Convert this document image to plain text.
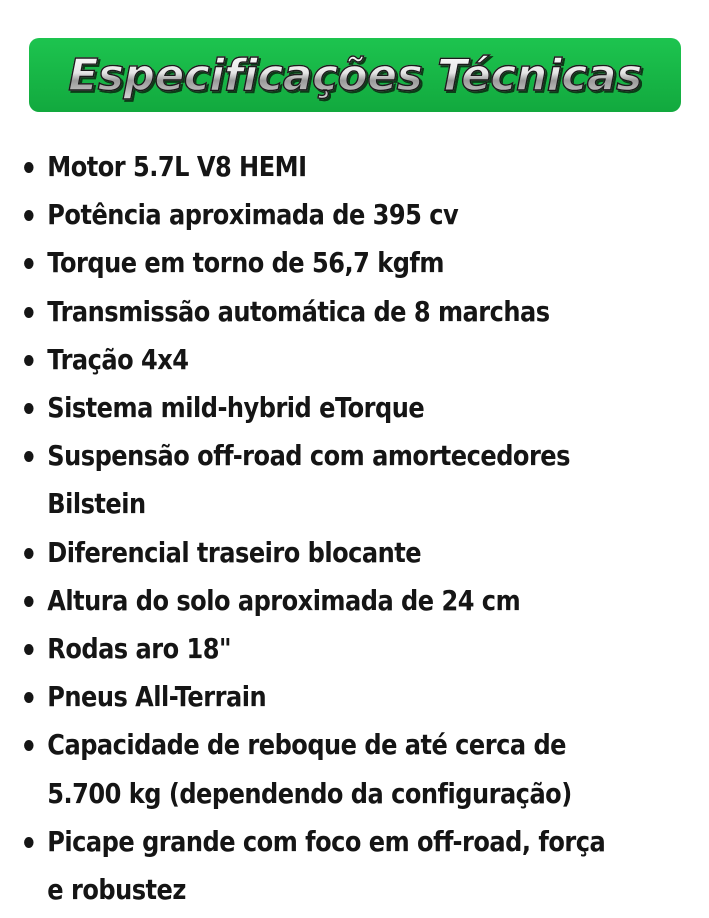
Especificações Técnicas
Motor 5.7L V8 HEMI
Potência aproximada de 395 cv
Torque em torno de 56,7 kgfm
Transmissão automática de 8 marchas
Tração 4x4
Sistema mild-hybrid eTorque
Suspensão off-road com amortecedores Bilstein
Diferencial traseiro blocante
Altura do solo aproximada de 24 cm
Rodas aro 18"
Pneus All-Terrain
Capacidade de reboque de até cerca de 5.700 kg (dependendo da configuração)
Picape grande com foco em off-road, força e robustez
